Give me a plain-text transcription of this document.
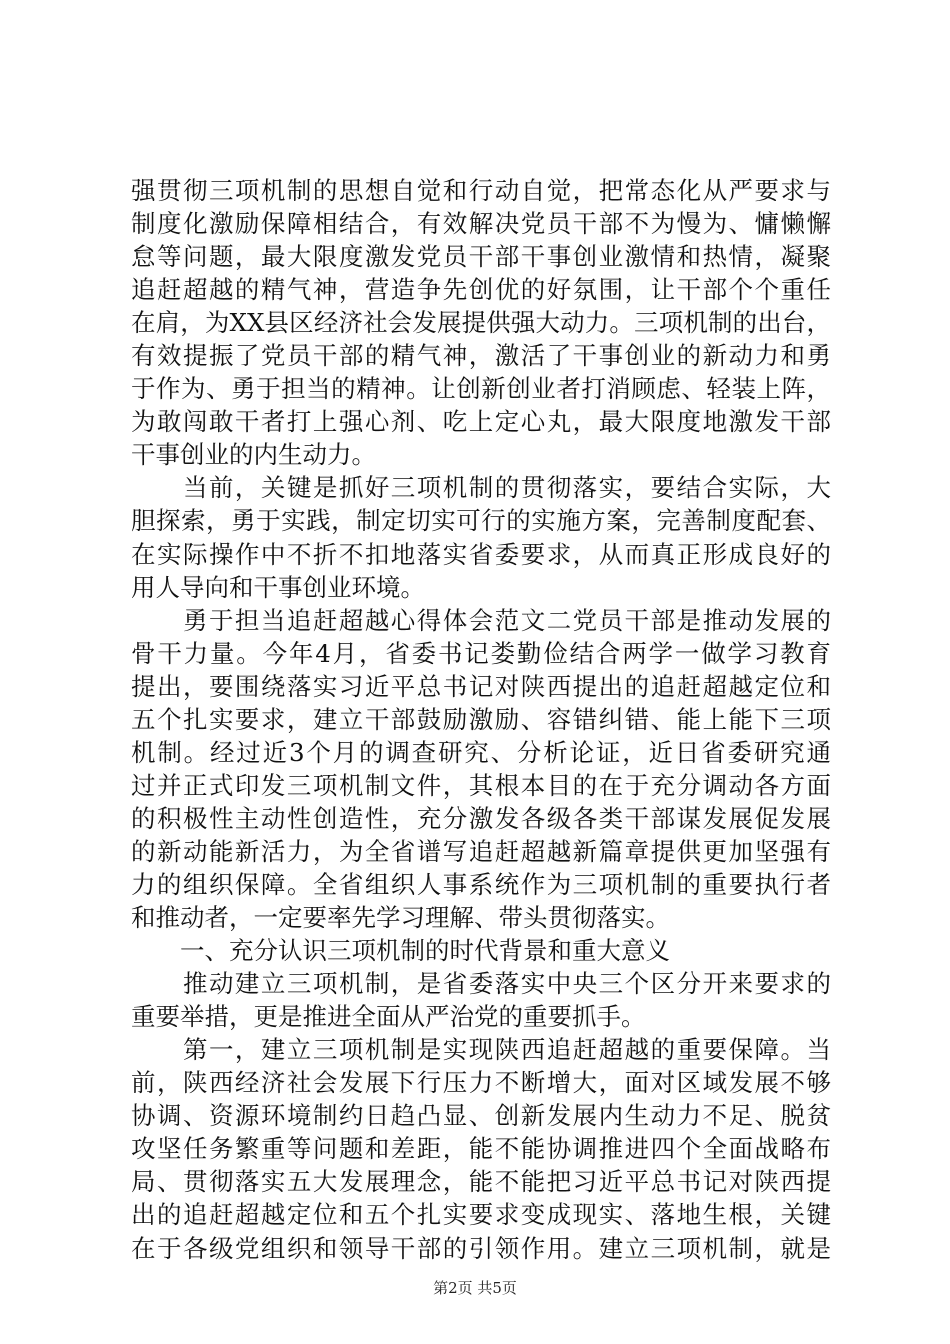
强贯彻三项机制的思想自觉和行动自觉，把常态化从严要求与
制度化激励保障相结合，有效解决党员干部不为慢为、慵懒懈
怠等问题，最大限度激发党员干部干事创业激情和热情，凝聚
追赶超越的精气神，营造争先创优的好氛围，让干部个个重任
在肩，为XX县区经济社会发展提供强大动力。三项机制的出台，
有效提振了党员干部的精气神，激活了干事创业的新动力和勇
于作为、勇于担当的精神。让创新创业者打消顾虑、轻装上阵，
为敢闯敢干者打上强心剂、吃上定心丸，最大限度地激发干部
干事创业的内生动力。
　　当前，关键是抓好三项机制的贯彻落实，要结合实际，大
胆探索，勇于实践，制定切实可行的实施方案，完善制度配套、
在实际操作中不折不扣地落实省委要求，从而真正形成良好的
用人导向和干事创业环境。
　　勇于担当追赶超越心得体会范文二党员干部是推动发展的
骨干力量。今年4月，省委书记娄勤俭结合两学一做学习教育
提出，要围绕落实习近平总书记对陕西提出的追赶超越定位和
五个扎实要求，建立干部鼓励激励、容错纠错、能上能下三项
机制。经过近3个月的调查研究、分析论证，近日省委研究通
过并正式印发三项机制文件，其根本目的在于充分调动各方面
的积极性主动性创造性，充分激发各级各类干部谋发展促发展
的新动能新活力，为全省谱写追赶超越新篇章提供更加坚强有
力的组织保障。全省组织人事系统作为三项机制的重要执行者
和推动者，一定要率先学习理解、带头贯彻落实。
　　一、充分认识三项机制的时代背景和重大意义
　　推动建立三项机制，是省委落实中央三个区分开来要求的
重要举措，更是推进全面从严治党的重要抓手。
　　第一，建立三项机制是实现陕西追赶超越的重要保障。当
前，陕西经济社会发展下行压力不断增大，面对区域发展不够
协调、资源环境制约日趋凸显、创新发展内生动力不足、脱贫
攻坚任务繁重等问题和差距，能不能协调推进四个全面战略布
局、贯彻落实五大发展理念，能不能把习近平总书记对陕西提
出的追赶超越定位和五个扎实要求变成现实、落地生根，关键
在于各级党组织和领导干部的引领作用。建立三项机制，就是
第2页 共5页
